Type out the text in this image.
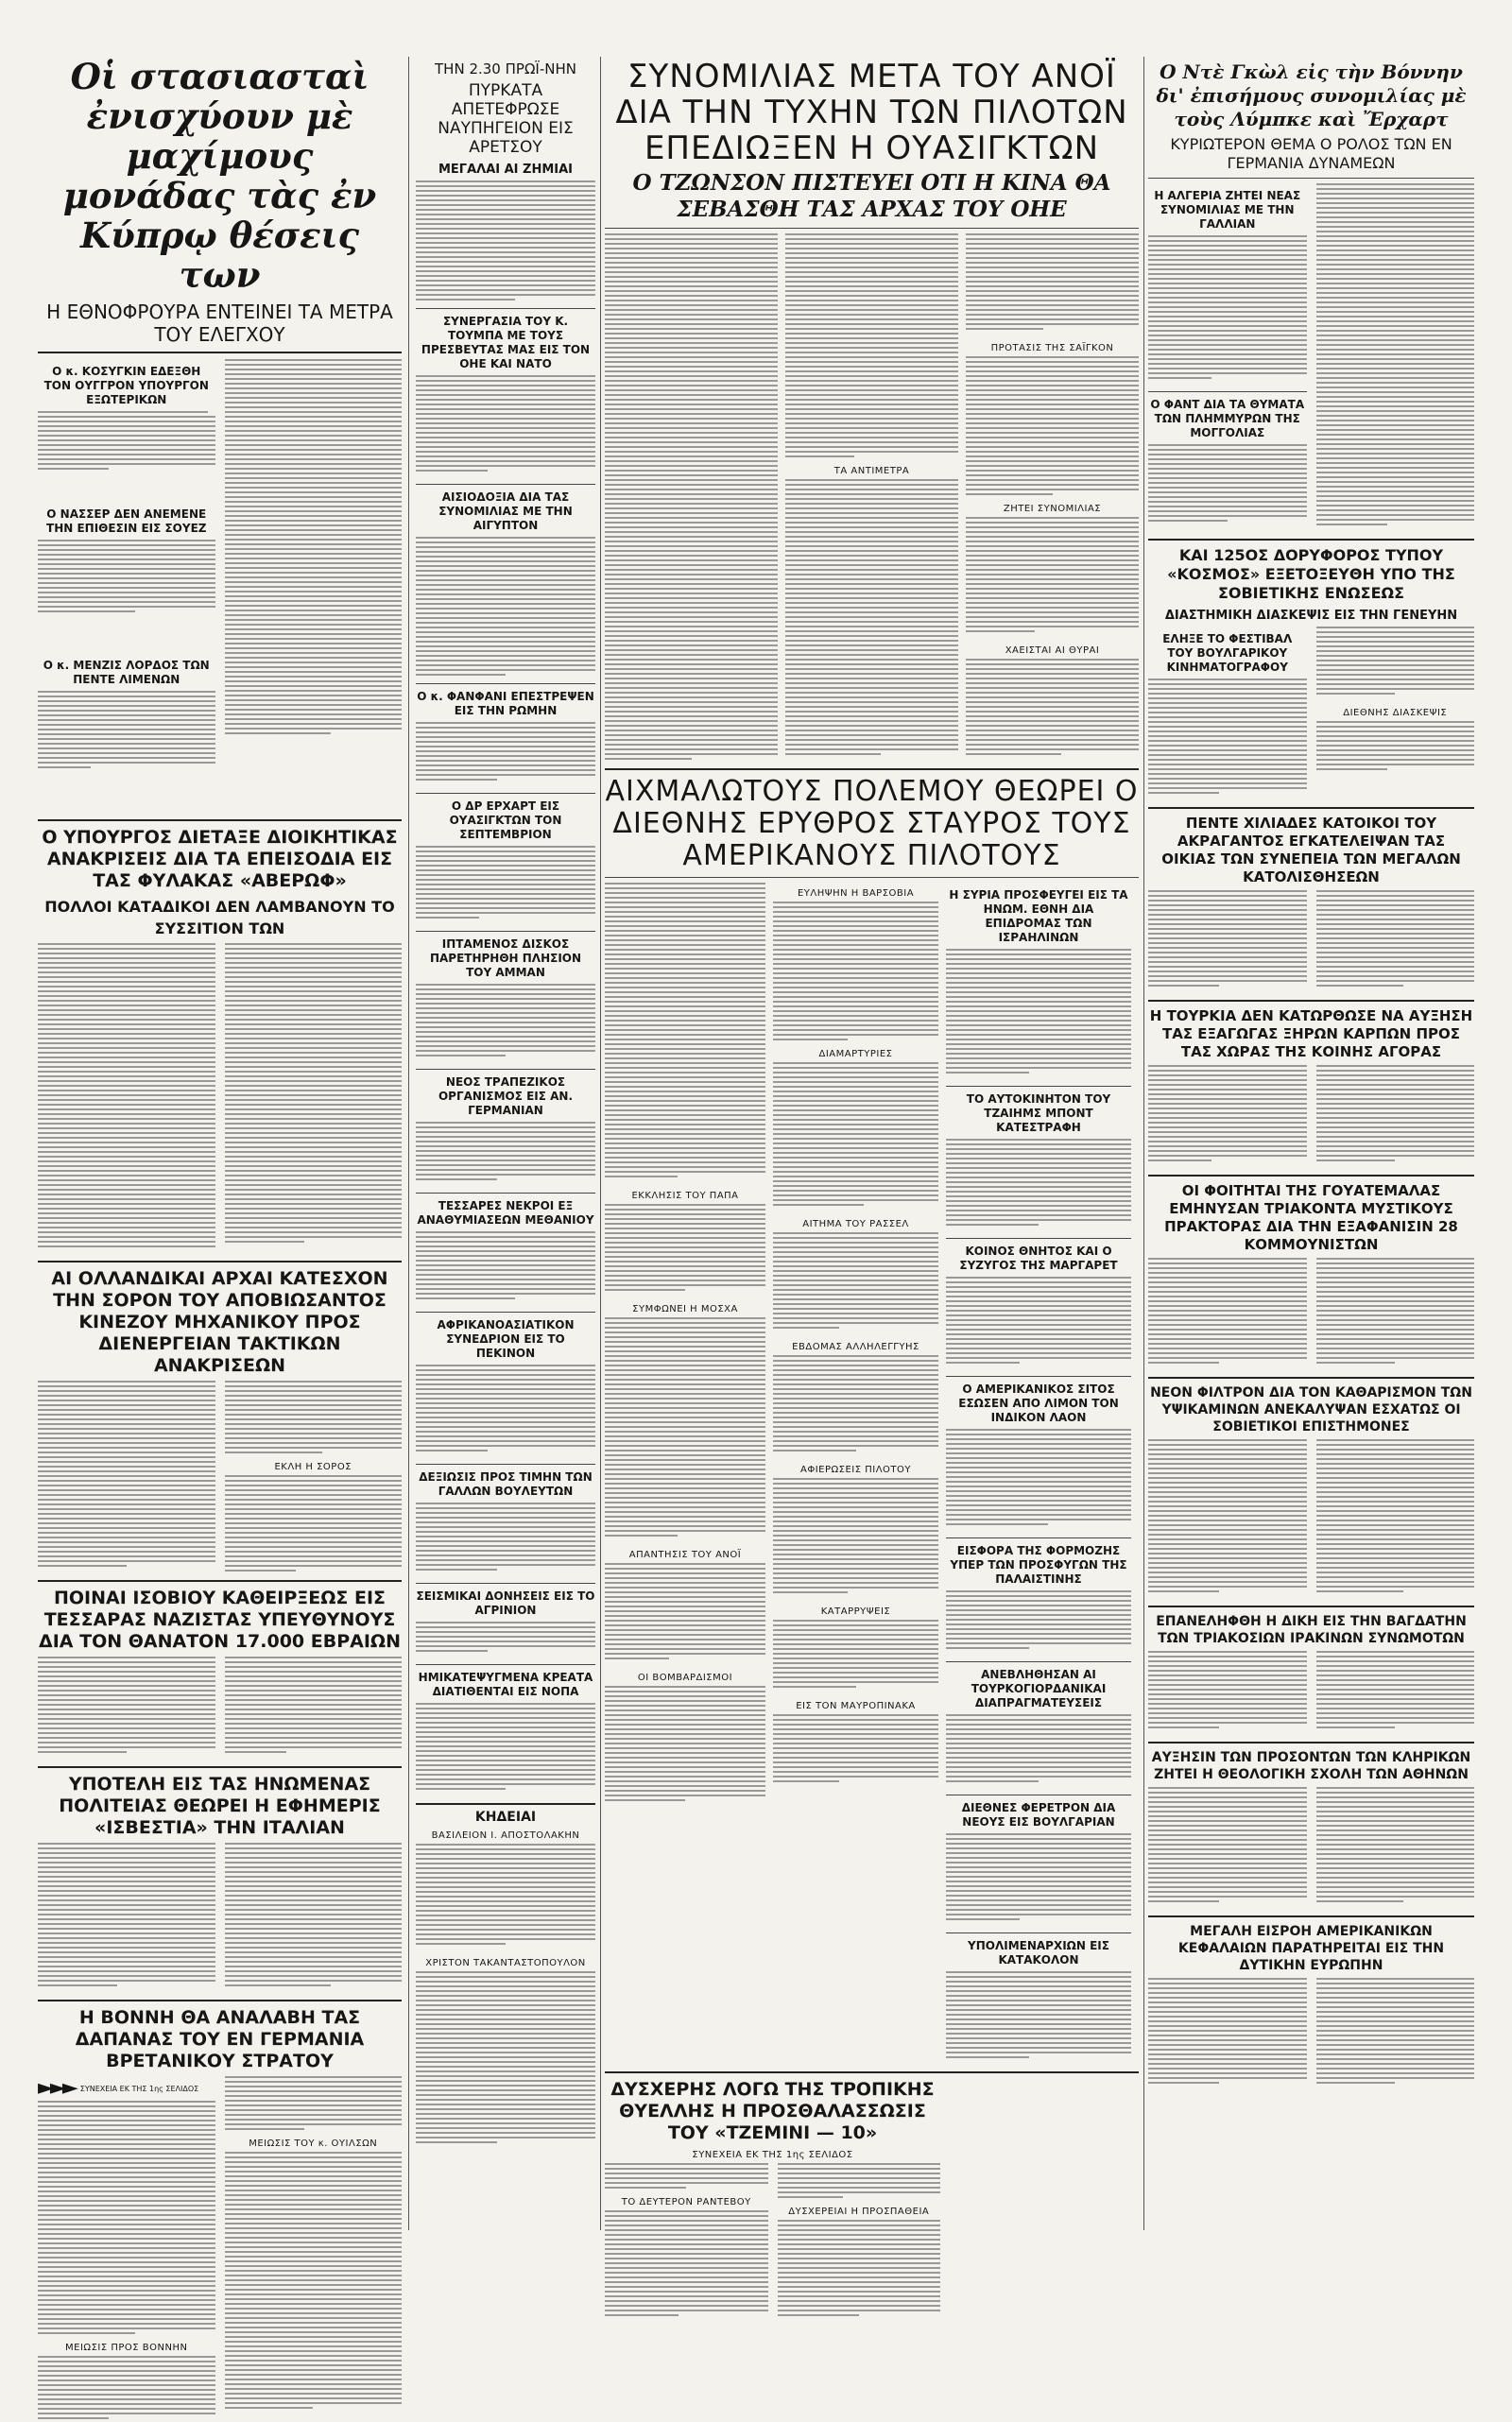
Οἱ στασιασταὶ ἐνισχύουν μὲ μαχίμους μονάδας τὰς ἐν Κύπρῳ θέσεις των
Η ΕΘΝΟΦΡΟΥΡΑ ΕΝΤΕΙΝΕΙ ΤΑ ΜΕΤΡΑ ΤΟΥ ΕΛΕΓΧΟΥ
Ο κ. ΚΟΣΥΓΚΙΝ ΕΔΕΞΘΗ ΤΟΝ ΟΥΓΓΡΟΝ ΥΠΟΥΡΓΟΝ ΕΞΩΤΕΡΙΚΩΝ
Ο ΝΑΣΣΕΡ ΔΕΝ ΑΝΕΜΕΝΕ ΤΗΝ ΕΠΙΘΕΣΙΝ ΕΙΣ ΣΟΥΕΖ
Ο κ. ΜΕΝΖΙΣ ΛΟΡΔΟΣ ΤΩΝ ΠΕΝΤΕ ΛΙΜΕΝΩΝ
Ο ΥΠΟΥΡΓΟΣ ΔΙΕΤΑΞΕ ΔΙΟΙΚΗΤΙΚΑΣ ΑΝΑΚΡΙΣΕΙΣ ΔΙΑ ΤΑ ΕΠΕΙΣΟΔΙΑ ΕΙΣ ΤΑΣ ΦΥΛΑΚΑΣ «ΑΒΕΡΩΦ»
ΠΟΛΛΟΙ ΚΑΤΑΔΙΚΟΙ ΔΕΝ ΛΑΜΒΑΝΟΥΝ ΤΟ ΣΥΣΣΙΤΙΟΝ ΤΩΝ
ΑΙ ΟΛΛΑΝΔΙΚΑΙ ΑΡΧΑΙ ΚΑΤΕΣΧΟΝ ΤΗΝ ΣΟΡΟΝ ΤΟΥ ΑΠΟΒΙΩΣΑΝΤΟΣ ΚΙΝΕΖΟΥ ΜΗΧΑΝΙΚΟΥ ΠΡΟΣ ΔΙΕΝΕΡΓΕΙΑΝ ΤΑΚΤΙΚΩΝ ΑΝΑΚΡΙΣΕΩΝ
ΕΚΛΗ Η ΣΟΡΟΣ
ΠΟΙΝΑΙ ΙΣΟΒΙΟΥ ΚΑΘΕΙΡΞΕΩΣ ΕΙΣ ΤΕΣΣΑΡΑΣ ΝΑΖΙΣΤΑΣ ΥΠΕΥΘΥΝΟΥΣ ΔΙΑ ΤΟΝ ΘΑΝΑΤΟΝ 17.000 ΕΒΡΑΙΩΝ
ΥΠΟΤΕΛΗ ΕΙΣ ΤΑΣ ΗΝΩΜΕΝΑΣ ΠΟΛΙΤΕΙΑΣ ΘΕΩΡΕΙ Η ΕΦΗΜΕΡΙΣ «ΙΣΒΕΣΤΙΑ» ΤΗΝ ΙΤΑΛΙΑΝ
Η ΒΟΝΝΗ ΘΑ ΑΝΑΛΑΒΗ ΤΑΣ ΔΑΠΑΝΑΣ ΤΟΥ ΕΝ ΓΕΡΜΑΝΙΑ ΒΡΕΤΑΝΙΚΟΥ ΣΤΡΑΤΟΥ
►►► ΣΥΝΕΧΕΙΑ ΕΚ ΤΗΣ 1ης ΣΕΛΙΔΟΣ
ΜΕΙΩΣΙΣ ΠΡΟΣ ΒΟΝΝΗΝ
ΜΕΙΩΣΙΣ ΤΟΥ κ. ΟΥΙΛΣΩΝ
ΤΗΝ 2.30 ΠΡΩΪ-ΝΗΝ
ΠΥΡΚΑΤΑ ΑΠΕΤΕΦΡΩΣΕ ΝΑΥΠΗΓΕΙΟΝ ΕΙΣ ΑΡΕΤΣΟΥ
ΜΕΓΑΛΑΙ ΑΙ ΖΗΜΙΑΙ
ΣΥΝΕΡΓΑΣΙΑ ΤΟΥ Κ. ΤΟΥΜΠΑ ΜΕ ΤΟΥΣ ΠΡΕΣΒΕΥΤΑΣ ΜΑΣ ΕΙΣ ΤΟΝ ΟΗΕ ΚΑΙ ΝΑΤΟ
ΑΙΣΙΟΔΟΞΙΑ ΔΙΑ ΤΑΣ ΣΥΝΟΜΙΛΙΑΣ ΜΕ ΤΗΝ ΑΙΓΥΠΤΟΝ
Ο κ. ΦΑΝΦΑΝΙ ΕΠΕΣΤΡΕΨΕΝ ΕΙΣ ΤΗΝ ΡΩΜΗΝ
Ο ΔΡ ΕΡΧΑΡΤ ΕΙΣ ΟΥΑΣΙΓΚΤΩΝ ΤΟΝ ΣΕΠΤΕΜΒΡΙΟΝ
ΙΠΤΑΜΕΝΟΣ ΔΙΣΚΟΣ ΠΑΡΕΤΗΡΗΘΗ ΠΛΗΣΙΟΝ ΤΟΥ ΑΜΜΑΝ
ΝΕΟΣ ΤΡΑΠΕΖΙΚΟΣ ΟΡΓΑΝΙΣΜΟΣ ΕΙΣ ΑΝ. ΓΕΡΜΑΝΙΑΝ
ΤΕΣΣΑΡΕΣ ΝΕΚΡΟΙ ΕΞ ΑΝΑΘΥΜΙΑΣΕΩΝ ΜΕΘΑΝΙΟΥ
ΑΦΡΙΚΑΝΟΑΣΙΑΤΙΚΟΝ ΣΥΝΕΔΡΙΟΝ ΕΙΣ ΤΟ ΠΕΚΙΝΟΝ
ΔΕΞΙΩΣΙΣ ΠΡΟΣ ΤΙΜΗΝ ΤΩΝ ΓΑΛΛΩΝ ΒΟΥΛΕΥΤΩΝ
ΣΕΙΣΜΙΚΑΙ ΔΟΝΗΣΕΙΣ ΕΙΣ ΤΟ ΑΓΡΙΝΙΟΝ
ΗΜΙΚΑΤΕΨΥΓΜΕΝΑ ΚΡΕΑΤΑ ΔΙΑΤΙΘΕΝΤΑΙ ΕΙΣ ΝΟΠΑ
ΚΗΔΕΙΑΙ
ΒΑΣΙΛΕΙΟΝ Ι. ΑΠΟΣΤΟΛΑΚΗΝ
ΧΡΙΣΤΟΝ ΤΑΚΑΝΤΑΣΤΟΠΟΥΛΟΝ
ΣΥΝΟΜΙΛΙΑΣ ΜΕΤΑ ΤΟΥ ΑΝΟΪ ΔΙΑ ΤΗΝ ΤΥΧΗΝ ΤΩΝ ΠΙΛΟΤΩΝ ΕΠΕΔΙΩΞΕΝ Η ΟΥΑΣΙΓΚΤΩΝ
Ο ΤΖΩΝΣΟΝ ΠΙΣΤΕΥΕΙ ΟΤΙ Η ΚΙΝΑ ΘΑ ΣΕΒΑΣΘΗ ΤΑΣ ΑΡΧΑΣ ΤΟΥ ΟΗΕ
ΤΑ ΑΝΤΙΜΕΤΡΑ
ΠΡΟΤΑΣΙΣ ΤΗΣ ΣΑΪΓΚΟΝ
ΖΗΤΕΙ ΣΥΝΟΜΙΛΙΑΣ
ΧΑΕΙΣΤΑΙ ΑΙ ΘΥΡΑΙ
ΑΙΧΜΑΛΩΤΟΥΣ ΠΟΛΕΜΟΥ ΘΕΩΡΕΙ Ο ΔΙΕΘΝΗΣ ΕΡΥΘΡΟΣ ΣΤΑΥΡΟΣ ΤΟΥΣ ΑΜΕΡΙΚΑΝΟΥΣ ΠΙΛΟΤΟΥΣ
ΕΚΚΛΗΣΙΣ ΤΟΥ ΠΑΠΑ
ΣΥΜΦΩΝΕΙ Η ΜΟΣΧΑ
ΑΠΑΝΤΗΣΙΣ ΤΟΥ ΑΝΟΪ
ΟΙ ΒΟΜΒΑΡΔΙΣΜΟΙ
ΕΥΛΗΨΗΝ Η ΒΑΡΣΟΒΙΑ
ΔΙΑΜΑΡΤΥΡΙΕΣ
ΑΙΤΗΜΑ ΤΟΥ ΡΑΣΣΕΛ
ΕΒΔΟΜΑΣ ΑΛΛΗΛΕΓΓΥΗΣ
ΑΦΙΕΡΩΣΕΙΣ ΠΙΛΟΤΟΥ
ΚΑΤΑΡΡΥΨΕΙΣ
ΕΙΣ ΤΟΝ ΜΑΥΡΟΠΙΝΑΚΑ
Η ΣΥΡΙΑ ΠΡΟΣΦΕΥΓΕΙ ΕΙΣ ΤΑ ΗΝΩΜ. ΕΘΝΗ ΔΙΑ ΕΠΙΔΡΟΜΑΣ ΤΩΝ ΙΣΡΑΗΛΙΝΩΝ
ΤΟ ΑΥΤΟΚΙΝΗΤΟΝ ΤΟΥ ΤΖΑΙΗΜΣ ΜΠΟΝΤ ΚΑΤΕΣΤΡΑΦΗ
ΚΟΙΝΟΣ ΘΝΗΤΟΣ ΚΑΙ Ο ΣΥΖΥΓΟΣ ΤΗΣ ΜΑΡΓΑΡΕΤ
Ο ΑΜΕΡΙΚΑΝΙΚΟΣ ΣΙΤΟΣ ΕΣΩΣΕΝ ΑΠΟ ΛΙΜΟΝ ΤΟΝ ΙΝΔΙΚΟΝ ΛΑΟΝ
ΕΙΣΦΟΡΑ ΤΗΣ ΦΟΡΜΟΖΗΣ ΥΠΕΡ ΤΩΝ ΠΡΟΣΦΥΓΩΝ ΤΗΣ ΠΑΛΑΙΣΤΙΝΗΣ
ΑΝΕΒΛΗΘΗΣΑΝ ΑΙ ΤΟΥΡΚΟΓΙΟΡΔΑΝΙΚΑΙ ΔΙΑΠΡΑΓΜΑΤΕΥΣΕΙΣ
ΔΙΕΘΝΕΣ ΦΕΡΕΤΡΟΝ ΔΙΑ ΝΕΟΥΣ ΕΙΣ ΒΟΥΛΓΑΡΙΑΝ
ΥΠΟΛΙΜΕΝΑΡΧΙΩΝ ΕΙΣ ΚΑΤΑΚΟΛΟΝ
ΔΥΣΧΕΡΗΣ ΛΟΓΩ ΤΗΣ ΤΡΟΠΙΚΗΣ ΘΥΕΛΛΗΣ Η ΠΡΟΣΘΑΛΑΣΣΩΣΙΣ ΤΟΥ «ΤΖΕΜΙΝΙ — 10»
ΣΥΝΕΧΕΙΑ ΕΚ ΤΗΣ 1ης ΣΕΛΙΔΟΣ
ΤΟ ΔΕΥΤΕΡΟΝ ΡΑΝΤΕΒΟΥ
ΔΥΣΧΕΡΕΙΑΙ Η ΠΡΟΣΠΑΘΕΙΑ
Ο Ντὲ Γκὼλ εἰς τὴν Βόννην δι' ἐπισήμους συνομιλίας μὲ τοὺς Λύμπκε καὶ Ἔρχαρτ
ΚΥΡΙΩΤΕΡΟΝ ΘΕΜΑ Ο ΡΟΛΟΣ ΤΩΝ ΕΝ ΓΕΡΜΑΝΙΑ ΔΥΝΑΜΕΩΝ
Η ΑΛΓΕΡΙΑ ΖΗΤΕΙ ΝΕΑΣ ΣΥΝΟΜΙΛΙΑΣ ΜΕ ΤΗΝ ΓΑΛΛΙΑΝ
Ο ΦΑΝΤ ΔΙΑ ΤΑ ΘΥΜΑΤΑ ΤΩΝ ΠΛΗΜΜΥΡΩΝ ΤΗΣ ΜΟΓΓΟΛΙΑΣ
ΚΑΙ 125ΟΣ ΔΟΡΥΦΟΡΟΣ ΤΥΠΟΥ «ΚΟΣΜΟΣ» ΕΞΕΤΟΞΕΥΘΗ ΥΠΟ ΤΗΣ ΣΟΒΙΕΤΙΚΗΣ ΕΝΩΣΕΩΣ
ΔΙΑΣΤΗΜΙΚΗ ΔΙΑΣΚΕΨΙΣ ΕΙΣ ΤΗΝ ΓΕΝΕΥΗΝ
ΕΛΗΞΕ ΤΟ ΦΕΣΤΙΒΑΛ ΤΟΥ ΒΟΥΛΓΑΡΙΚΟΥ ΚΙΝΗΜΑΤΟΓΡΑΦΟΥ
ΔΙΕΘΝΗΣ ΔΙΑΣΚΕΨΙΣ
ΠΕΝΤΕ ΧΙΛΙΑΔΕΣ ΚΑΤΟΙΚΟΙ ΤΟΥ ΑΚΡΑΓΑΝΤΟΣ ΕΓΚΑΤΕΛΕΙΨΑΝ ΤΑΣ ΟΙΚΙΑΣ ΤΩΝ ΣΥΝΕΠΕΙΑ ΤΩΝ ΜΕΓΑΛΩΝ ΚΑΤΟΛΙΣΘΗΣΕΩΝ
Η ΤΟΥΡΚΙΑ ΔΕΝ ΚΑΤΩΡΘΩΣΕ ΝΑ ΑΥΞΗΣΗ ΤΑΣ ΕΞΑΓΩΓΑΣ ΞΗΡΩΝ ΚΑΡΠΩΝ ΠΡΟΣ ΤΑΣ ΧΩΡΑΣ ΤΗΣ ΚΟΙΝΗΣ ΑΓΟΡΑΣ
ΟΙ ΦΟΙΤΗΤΑΙ ΤΗΣ ΓΟΥΑΤΕΜΑΛΑΣ ΕΜΗΝΥΣΑΝ ΤΡΙΑΚΟΝΤΑ ΜΥΣΤΙΚΟΥΣ ΠΡΑΚΤΟΡΑΣ ΔΙΑ ΤΗΝ ΕΞΑΦΑΝΙΣΙΝ 28 ΚΟΜΜΟΥΝΙΣΤΩΝ
ΝΕΟΝ ΦΙΛΤΡΟΝ ΔΙΑ ΤΟΝ ΚΑΘΑΡΙΣΜΟΝ ΤΩΝ ΥΨΙΚΑΜΙΝΩΝ ΑΝΕΚΑΛΥΨΑΝ ΕΣΧΑΤΩΣ ΟΙ ΣΟΒΙΕΤΙΚΟΙ ΕΠΙΣΤΗΜΟΝΕΣ
ΕΠΑΝΕΛΗΦΘΗ Η ΔΙΚΗ ΕΙΣ ΤΗΝ ΒΑΓΔΑΤΗΝ ΤΩΝ ΤΡΙΑΚΟΣΙΩΝ ΙΡΑΚΙΝΩΝ ΣΥΝΩΜΟΤΩΝ
ΑΥΞΗΣΙΝ ΤΩΝ ΠΡΟΣΟΝΤΩΝ ΤΩΝ ΚΛΗΡΙΚΩΝ ΖΗΤΕΙ Η ΘΕΟΛΟΓΙΚΗ ΣΧΟΛΗ ΤΩΝ ΑΘΗΝΩΝ
ΜΕΓΑΛΗ ΕΙΣΡΟΗ ΑΜΕΡΙΚΑΝΙΚΩΝ ΚΕΦΑΛΑΙΩΝ ΠΑΡΑΤΗΡΕΙΤΑΙ ΕΙΣ ΤΗΝ ΔΥΤΙΚΗΝ ΕΥΡΩΠΗΝ
